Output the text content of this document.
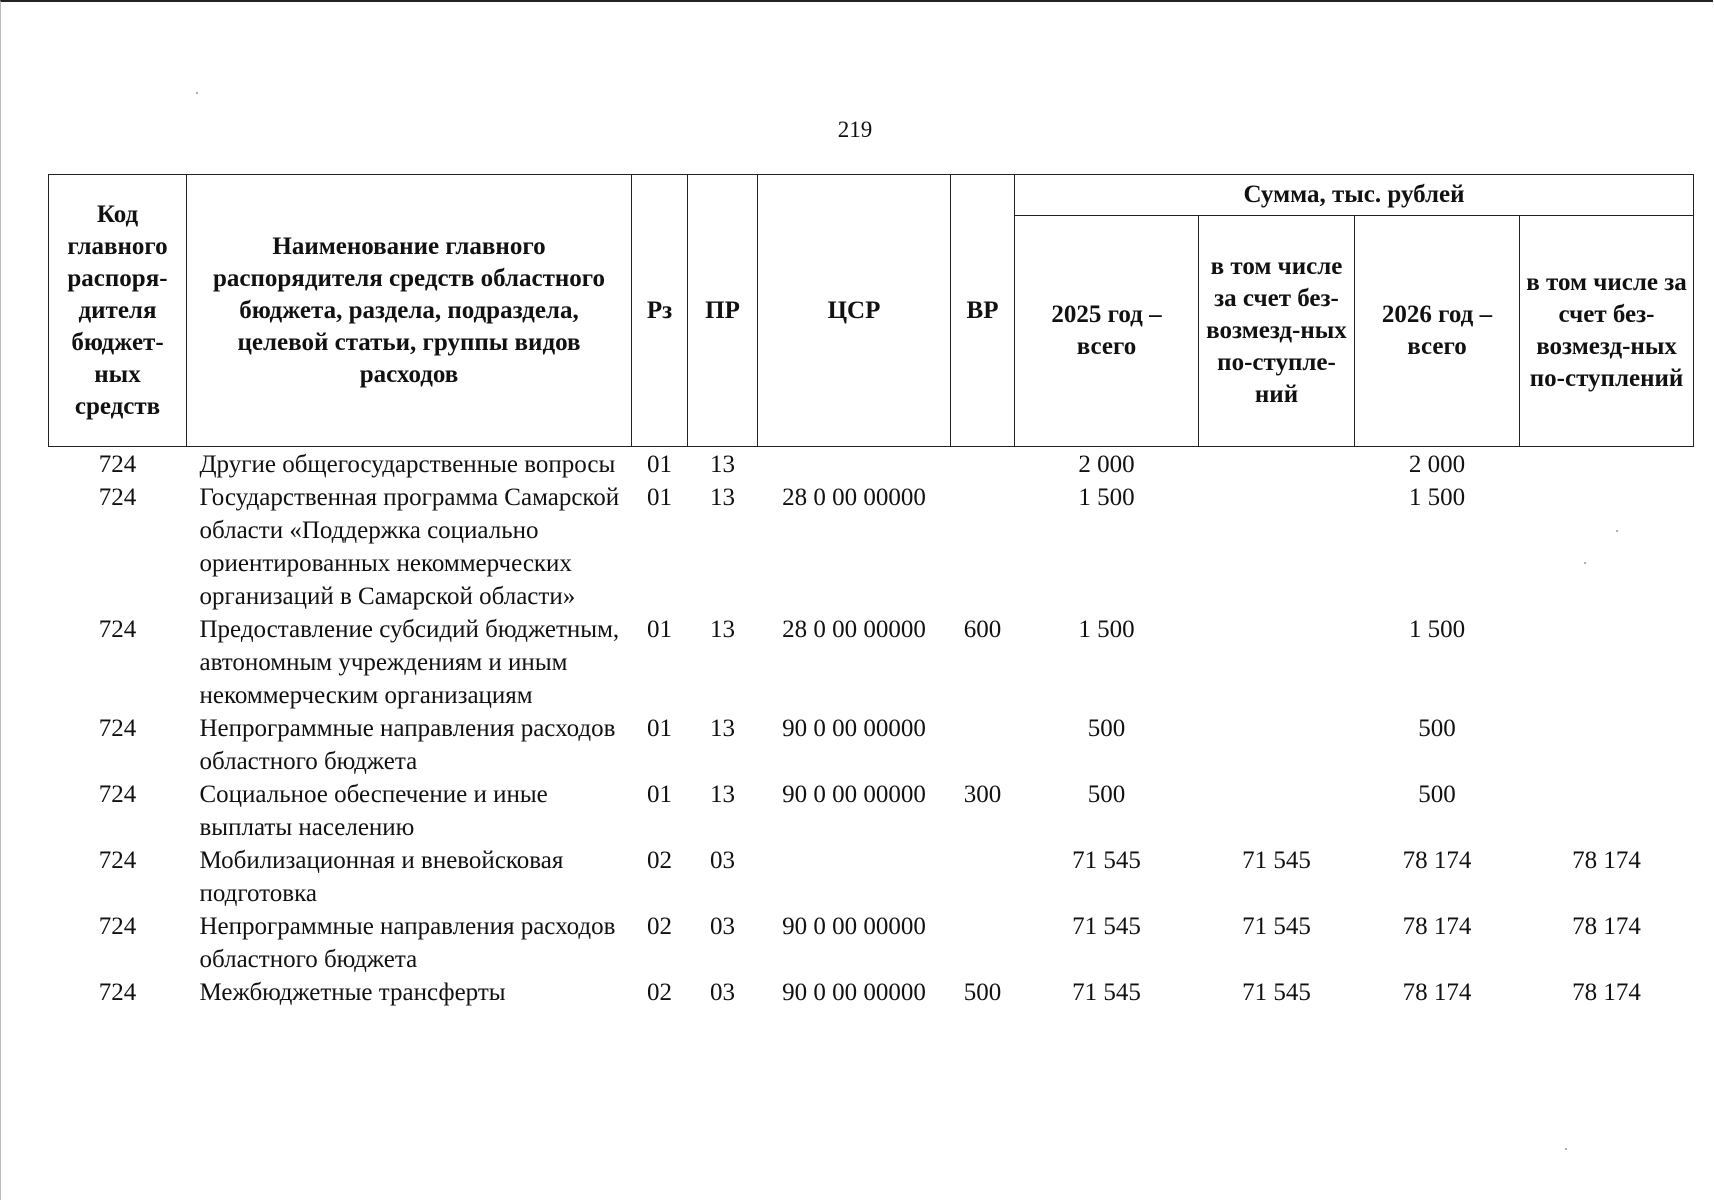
219
Код главного распоря-дителя бюджет-ных средств	Наименование главного распорядителя средств областного бюджета, раздела, подраздела, целевой статьи, группы видов расходов	Рз	ПР	ЦСР	ВР	Сумма, тыс. рублей			
						2025 год – всего	в том числе за счет без-возмезд-ных по-ступле-ний	2026 год – всего	в том числе за счет без-возмезд-ных по-ступлений
724	Другие общегосударственные вопросы	01	13			2 000		2 000	
724	Государственная программа Самарской области «Поддержка социально ориентированных некоммерческих организаций в Самарской области»	01	13	28 0 00 00000		1 500		1 500	
724	Предоставление субсидий бюджетным, автономным учреждениям и иным некоммерческим организациям	01	13	28 0 00 00000	600	1 500		1 500	
724	Непрограммные направления расходов областного бюджета	01	13	90 0 00 00000		500		500	
724	Социальное обеспечение и иные выплаты населению	01	13	90 0 00 00000	300	500		500	
724	Мобилизационная и вневойсковая подготовка	02	03			71 545	71 545	78 174	78 174
724	Непрограммные направления расходов областного бюджета	02	03	90 0 00 00000		71 545	71 545	78 174	78 174
724	Межбюджетные трансферты	02	03	90 0 00 00000	500	71 545	71 545	78 174	78 174
